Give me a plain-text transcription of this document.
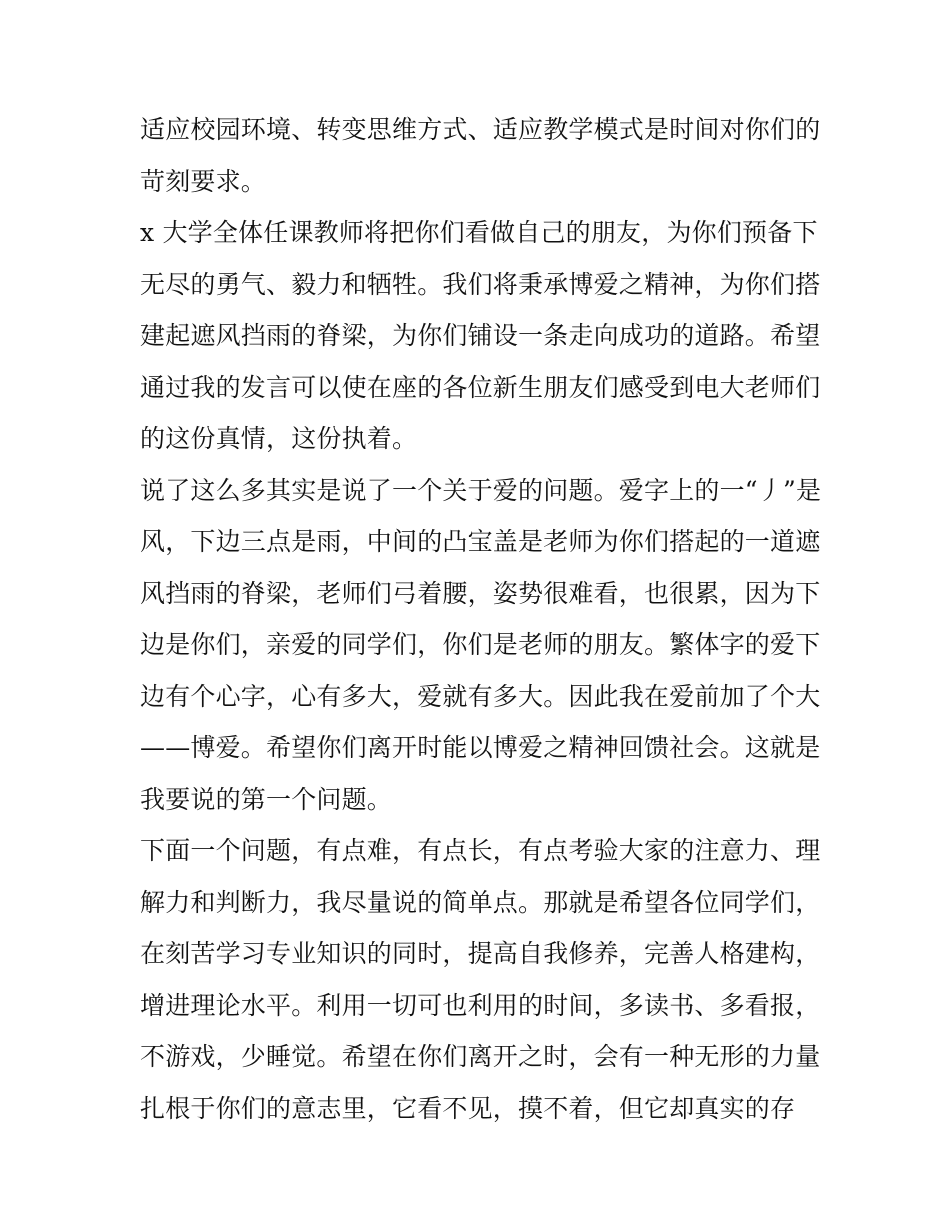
适应校园环境、转变思维方式、适应教学模式是时间对你们的
苛刻要求。
x 大学全体任课教师将把你们看做自己的朋友，为你们预备下
无尽的勇气、毅力和牺牲。我们将秉承博爱之精神，为你们搭
建起遮风挡雨的脊梁，为你们铺设一条走向成功的道路。希望
通过我的发言可以使在座的各位新生朋友们感受到电大老师们
的这份真情，这份执着。
说了这么多其实是说了一个关于爱的问题。爱字上的一“丿”是
风，下边三点是雨，中间的凸宝盖是老师为你们搭起的一道遮
风挡雨的脊梁，老师们弓着腰，姿势很难看，也很累，因为下
边是你们，亲爱的同学们，你们是老师的朋友。繁体字的爱下
边有个心字，心有多大，爱就有多大。因此我在爱前加了个大
——博爱。希望你们离开时能以博爱之精神回馈社会。这就是
我要说的第一个问题。
下面一个问题，有点难，有点长，有点考验大家的注意力、理
解力和判断力，我尽量说的简单点。那就是希望各位同学们，
在刻苦学习专业知识的同时，提高自我修养，完善人格建构，
增进理论水平。利用一切可也利用的时间，多读书、多看报，
不游戏，少睡觉。希望在你们离开之时，会有一种无形的力量
扎根于你们的意志里，它看不见，摸不着，但它却真实的存
